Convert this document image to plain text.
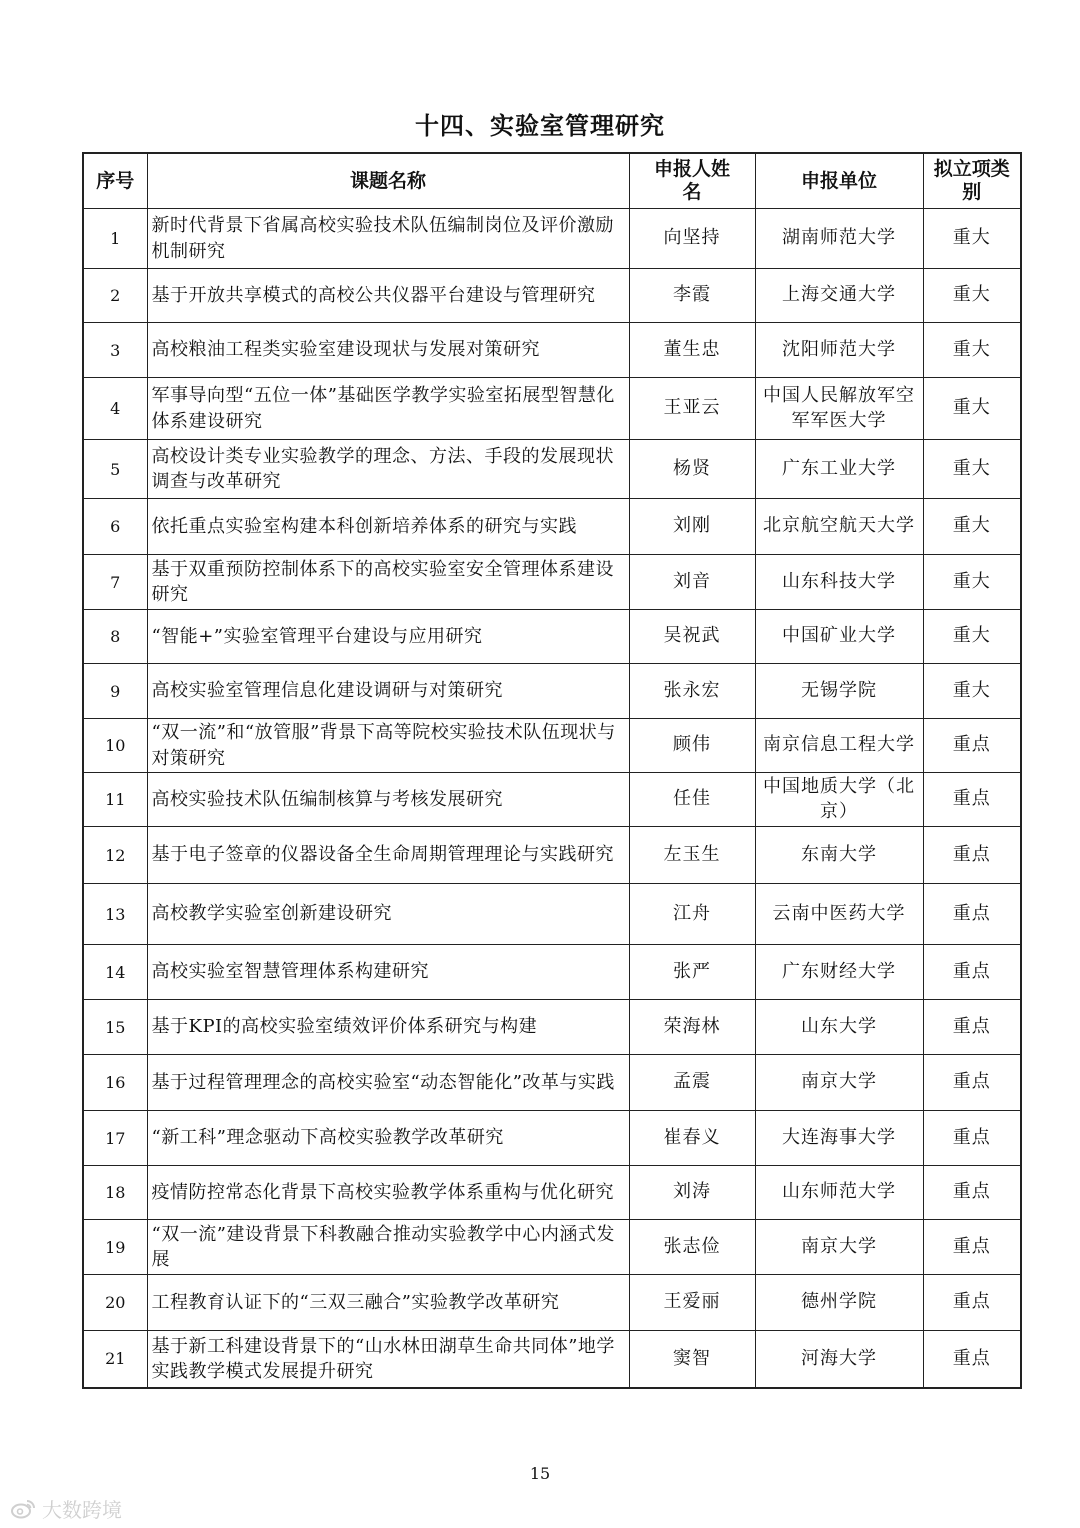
十四、实验室管理研究
序号	课题名称	申报人姓名	申报单位	拟立项类别
1	新时代背景下省属高校实验技术队伍编制岗位及评价激励机制研究	向坚持	湖南师范大学	重大
2	基于开放共享模式的高校公共仪器平台建设与管理研究	李霞	上海交通大学	重大
3	高校粮油工程类实验室建设现状与发展对策研究	董生忠	沈阳师范大学	重大
4	军事导向型“五位一体”基础医学教学实验室拓展型智慧化体系建设研究	王亚云	中国人民解放军空军军医大学	重大
5	高校设计类专业实验教学的理念、方法、手段的发展现状调查与改革研究	杨贤	广东工业大学	重大
6	依托重点实验室构建本科创新培养体系的研究与实践	刘刚	北京航空航天大学	重大
7	基于双重预防控制体系下的高校实验室安全管理体系建设研究	刘音	山东科技大学	重大
8	“智能+”实验室管理平台建设与应用研究	吴祝武	中国矿业大学	重大
9	高校实验室管理信息化建设调研与对策研究	张永宏	无锡学院	重大
10	“双一流”和“放管服”背景下高等院校实验技术队伍现状与对策研究	顾伟	南京信息工程大学	重点
11	高校实验技术队伍编制核算与考核发展研究	任佳	中国地质大学（北京）	重点
12	基于电子签章的仪器设备全生命周期管理理论与实践研究	左玉生	东南大学	重点
13	高校教学实验室创新建设研究	江舟	云南中医药大学	重点
14	高校实验室智慧管理体系构建研究	张严	广东财经大学	重点
15	基于KPI的高校实验室绩效评价体系研究与构建	荣海林	山东大学	重点
16	基于过程管理理念的高校实验室“动态智能化”改革与实践	孟震	南京大学	重点
17	“新工科”理念驱动下高校实验教学改革研究	崔春义	大连海事大学	重点
18	疫情防控常态化背景下高校实验教学体系重构与优化研究	刘涛	山东师范大学	重点
19	“双一流”建设背景下科教融合推动实验教学中心内涵式发展	张志俭	南京大学	重点
20	工程教育认证下的“三双三融合”实验教学改革研究	王爱丽	德州学院	重点
21	基于新工科建设背景下的“山水林田湖草生命共同体”地学实践教学模式发展提升研究	窦智	河海大学	重点
15
大数跨境
